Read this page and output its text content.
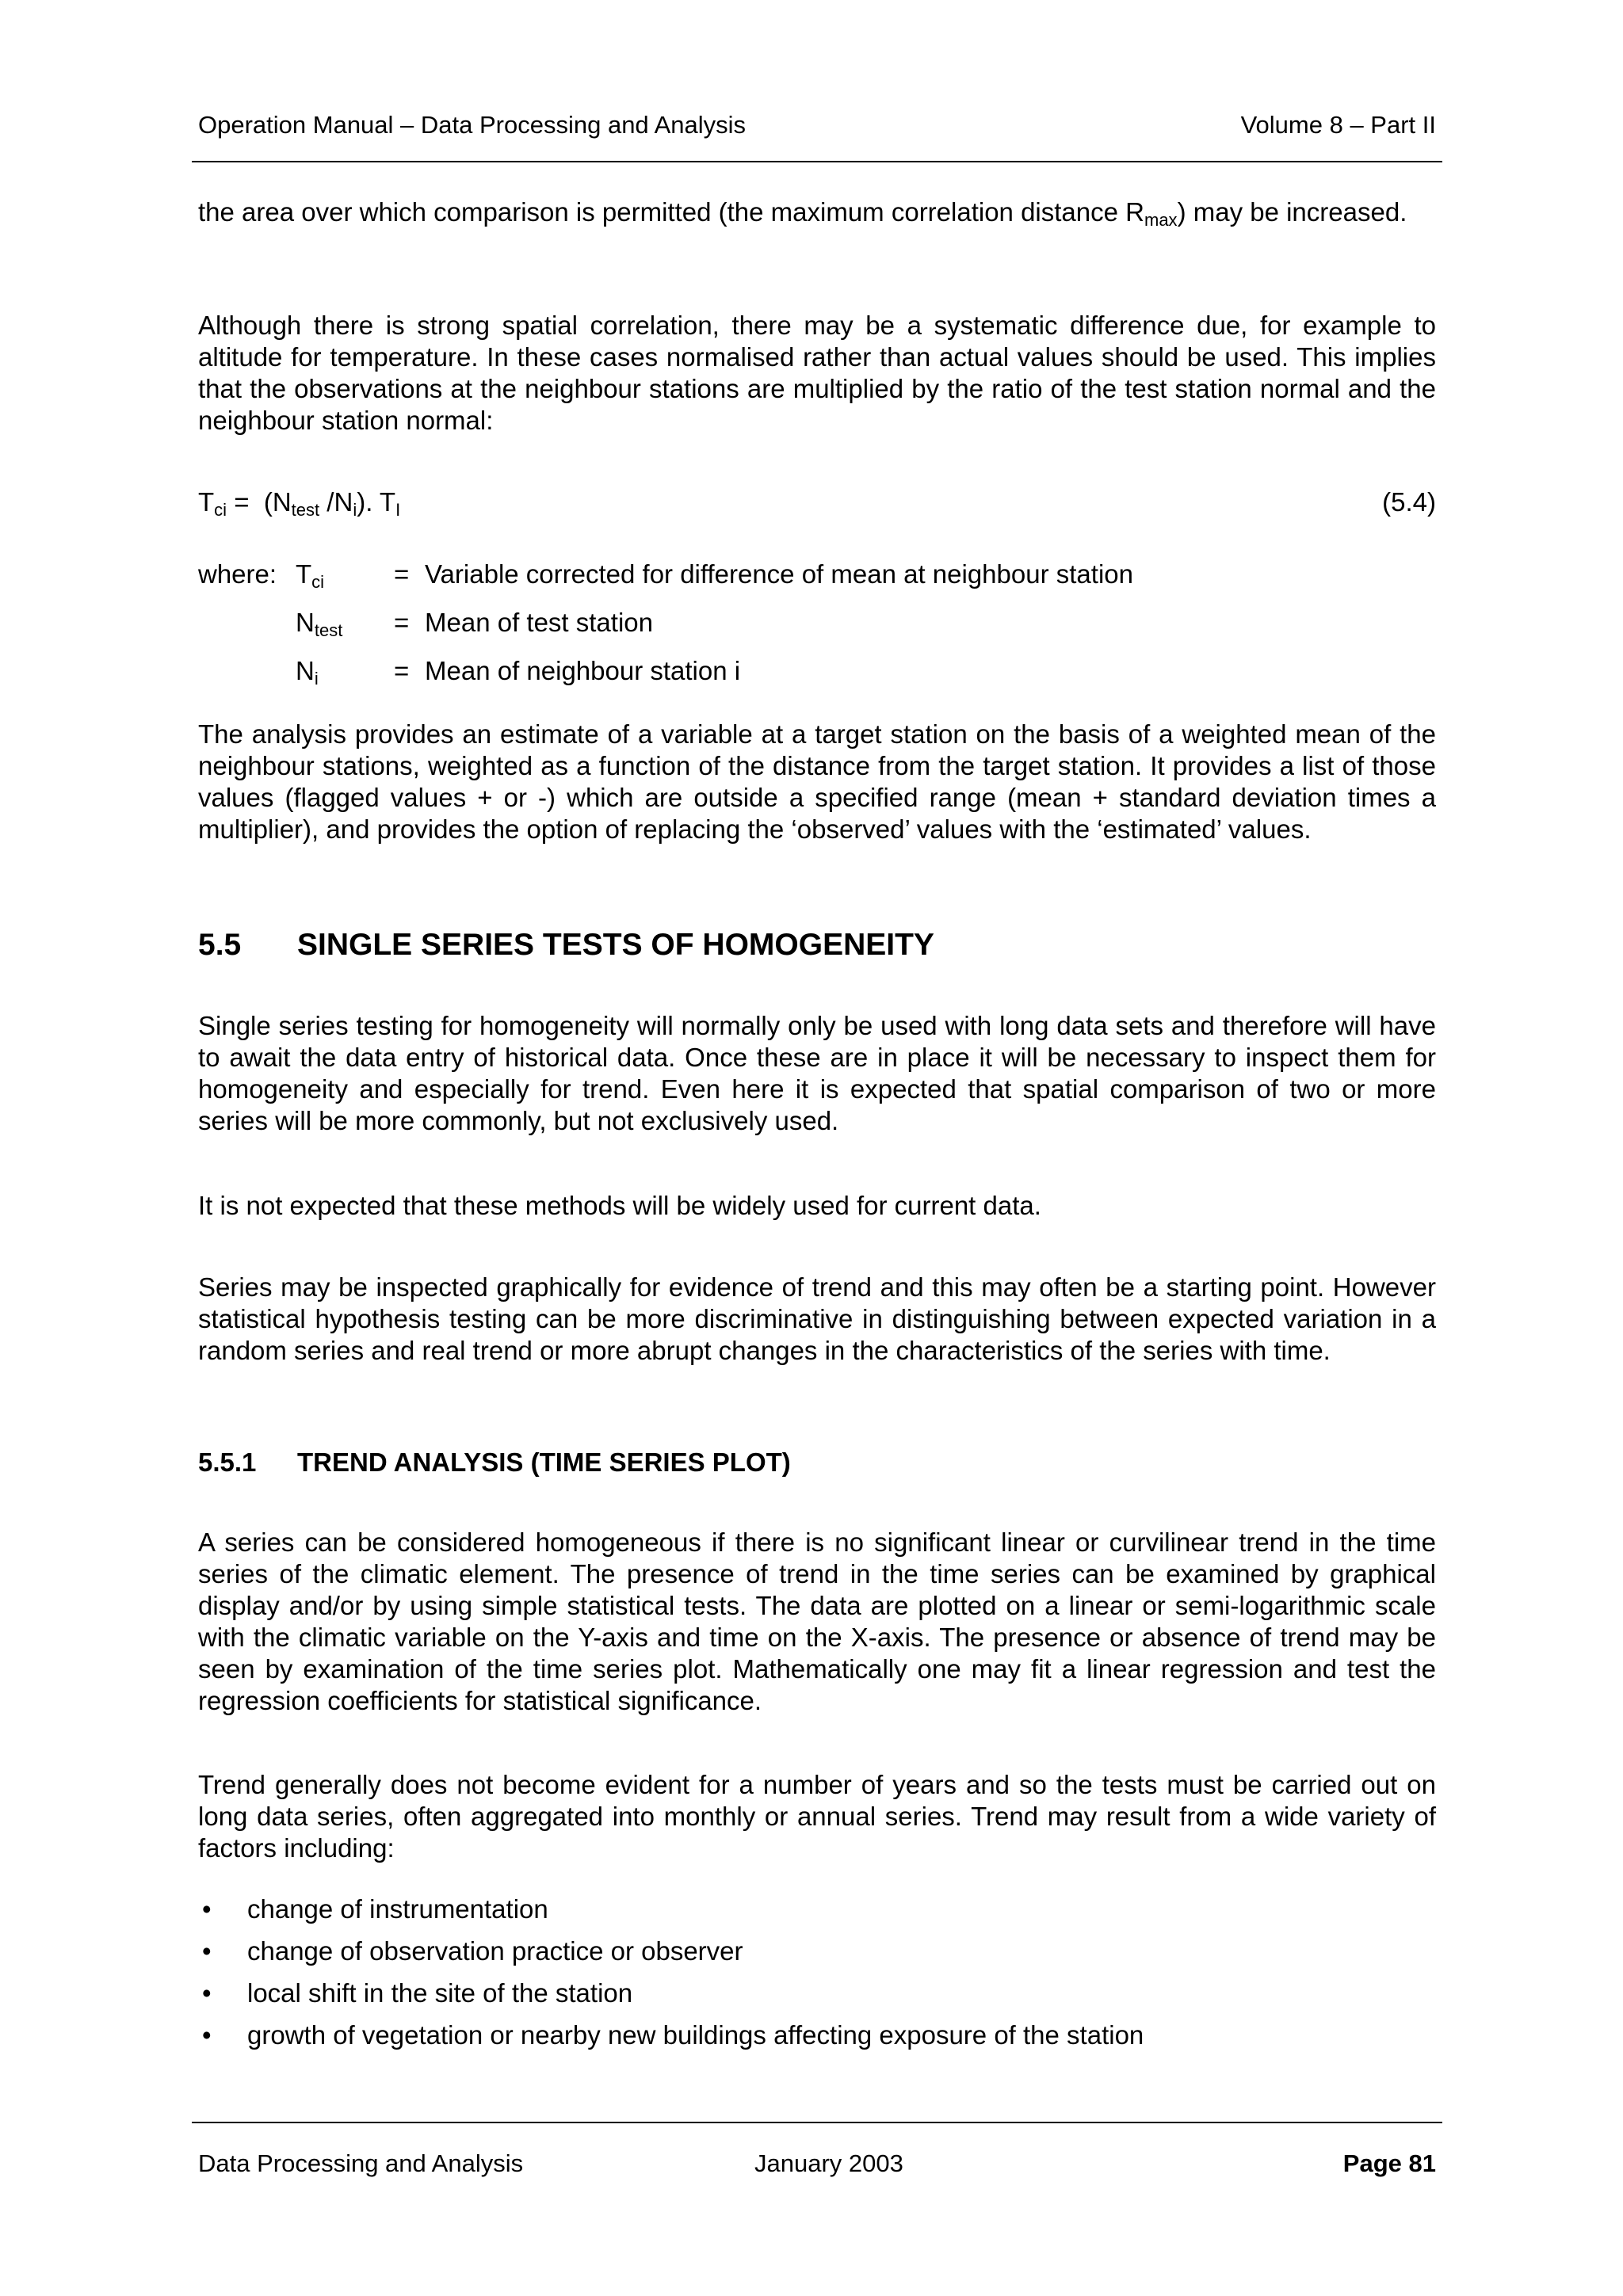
Operation Manual – Data Processing and Analysis	Volume 8 – Part II

the area over which comparison is permitted (the maximum correlation distance $R_{max}$) may be increased.

Although there is strong spatial correlation, there may be a systematic difference due, for example to altitude for temperature. In these cases normalised rather than actual values should be used. This implies that the observations at the neighbour stations are multiplied by the ratio of the test station normal and the neighbour station normal:

$T_{ci} = (N_{test}$ $/N_i$). $T_I$	(5.4)
where: $T_{ci}$	= Variable corrected for difference of mean at neighbour station
$N_{test}$ = Mean of test station
$N_i$	= Mean of neighbour station i

The analysis provides an estimate of a variable at a target station on the basis of a weighted mean of the neighbour stations, weighted as a function of the distance from the target station. It provides a list of those values (flagged values + or -) which are outside a specified range (mean + standard deviation times a multiplier), and provides the option of replacing the ‘observed’ values with the ‘estimated’ values.

5.5 SINGLE SERIES TESTS OF HOMOGENEITY

Single series testing for homogeneity will normally only be used with long data sets and therefore will have to await the data entry of historical data. Once these are in place it will be necessary to inspect them for homogeneity and especially for trend. Even here it is expected that spatial comparison of two or more series will be more commonly, but not exclusively used.

It is not expected that these methods will be widely used for current data.

Series may be inspected graphically for evidence of trend and this may often be a starting point. However statistical hypothesis testing can be more discriminative in distinguishing between expected variation in a random series and real trend or more abrupt changes in the characteristics of the series with time.

5.5.1 TREND ANALYSIS (TIME SERIES PLOT)

A series can be considered homogeneous if there is no significant linear or curvilinear trend in the time series of the climatic element. The presence of trend in the time series can be examined by graphical display and/or by using simple statistical tests. The data are plotted on a linear or semi-logarithmic scale with the climatic variable on the Y-axis and time on the X-axis. The presence or absence of trend may be seen by examination of the time series plot. Mathematically one may fit a linear regression and test the regression coefficients for statistical significance.

Trend generally does not become evident for a number of years and so the tests must be carried out on long data series, often aggregated into monthly or annual series. Trend may result from a wide variety of factors including:

• change of instrumentation
• change of observation practice or observer
• local shift in the site of the station
• growth of vegetation or nearby new buildings affecting exposure of the station
Data Processing and Analysis	January 2003	Page 81
